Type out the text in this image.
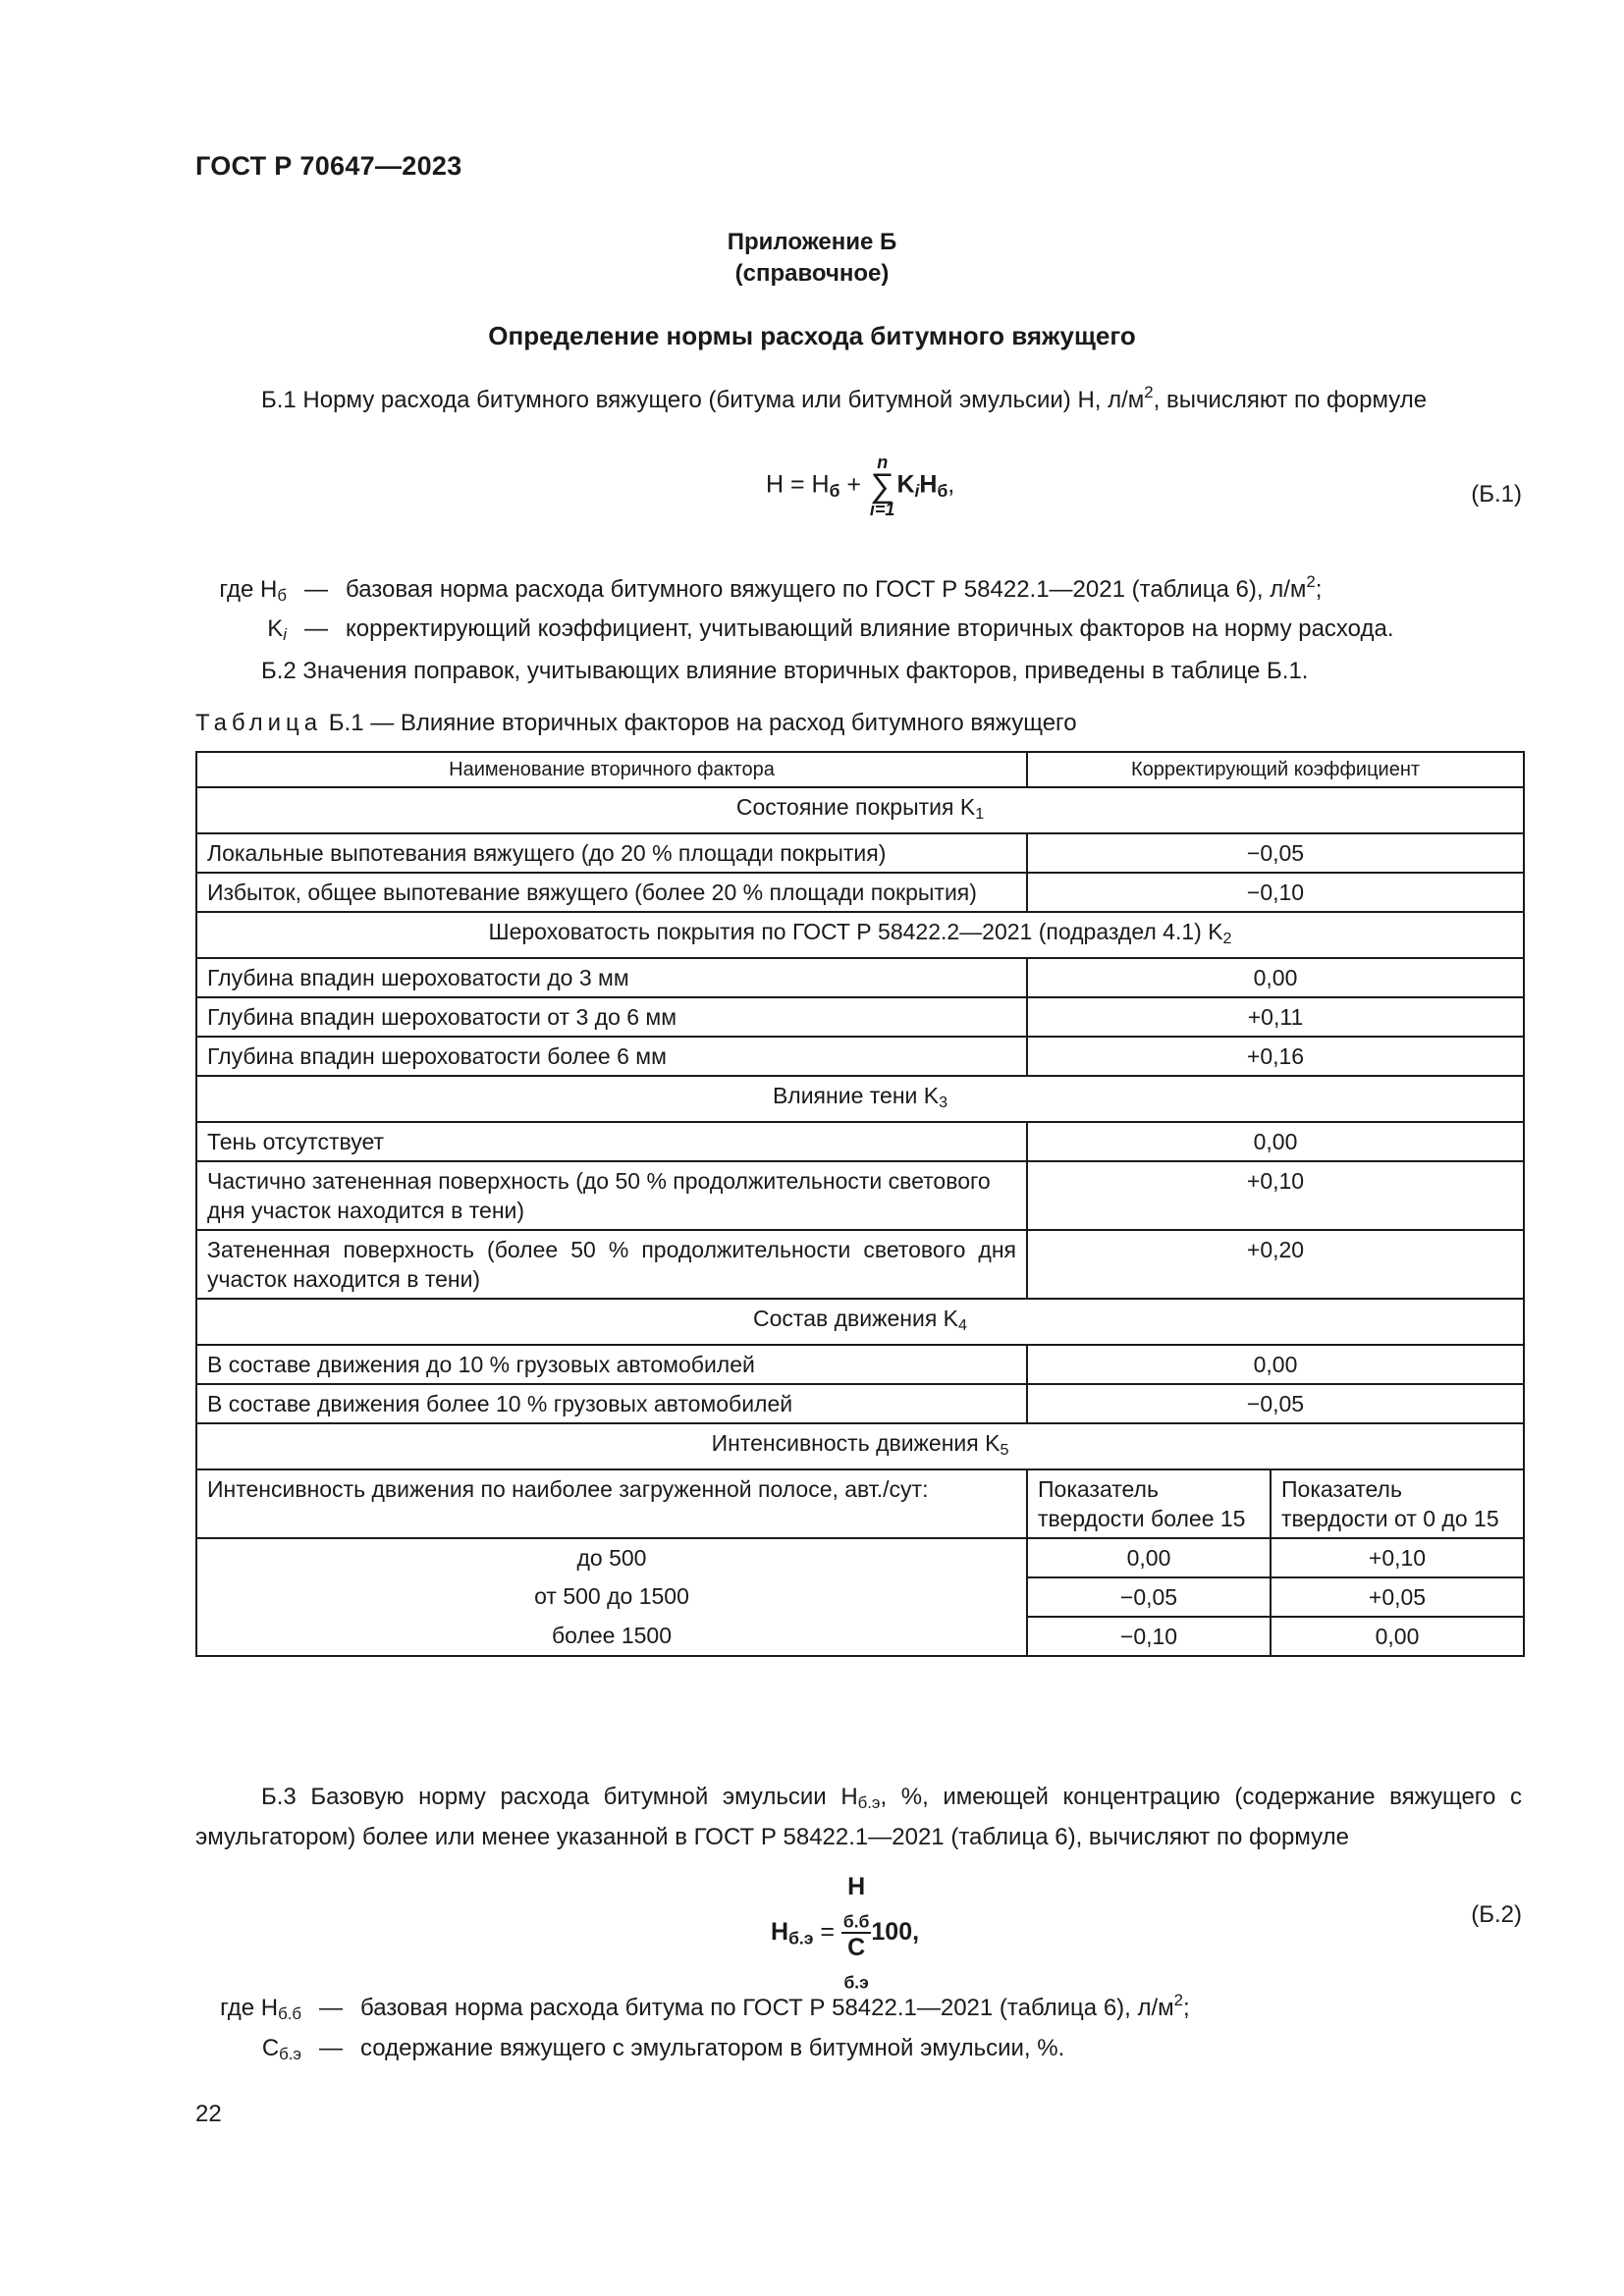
ГОСТ Р 70647—2023
Приложение Б
(справочное)
Определение нормы расхода битумного вяжущего
Б.1 Норму расхода битумного вяжущего (битума или битумной эмульсии) Н, $л/м^2$, вычисляют по формуле
$Н = Н_б$ +
n
∑
i=1
$K_iН_б$,	(Б.1)
где $Н_б$ — базовая норма расхода битумного вяжущего по ГОСТ Р 58422.1—2021 (таблица 6), $л/м^2$;
$K_i$ — корректирующий коэффициент, учитывающий влияние вторичных факторов на норму расхода.
Б.2 Значения поправок, учитывающих влияние вторичных факторов, приведены в таблице Б.1.
Таблица Б.1 — Влияние вторичных факторов на расход битумного вяжущего
Наименование вторичного фактора	Корректирующий коэффициент	
Состояние покрытия $K_1$
Локальные выпотевания вяжущего (до 20 % площади покрытия)	−0,05	
Избыток, общее выпотевание вяжущего (более 20 % площади покрытия)	−0,10	
Шероховатость покрытия по ГОСТ Р 58422.2—2021 (подраздел 4.1) $K_2$
Глубина впадин шероховатости до 3 мм	0,00	
Глубина впадин шероховатости от 3 до 6 мм	+0,11	
Глубина впадин шероховатости более 6 мм	+0,16	
Влияние тени $K_3$
Тень отсутствует	0,00	
Частично затененная поверхность (до 50 % продолжительности светового дня участок находится в тени)	+0,10	
Затененная поверхность (более 50 % продолжительности светового дня участок находится в тени)	+0,20	
Состав движения $K_4$
В составе движения до 10 % грузовых автомобилей	0,00	
В составе движения более 10 % грузовых автомобилей	−0,05	
Интенсивность движения $K_5$
Интенсивность движения по наиболее загруженной полосе, авт./сут:	Показатель твердости более 15	Показатель твердости от 0 до 15
до 500	0,00	+0,10
от 500 до 1500	−0,05	+0,05
более 1500	−0,10	0,00
Б.3 Базовую норму расхода битумной эмульсии $Н_{б.э}$, %, имеющей концентрацию (содержание вяжущего с эмульгатором) более или менее указанной в ГОСТ Р 58422.1—2021 (таблица 6), вычисляют по формуле
$Н_{б.э} = Н$
$_{б.б}$
С
$_{б.э}$ 100,
(Б.2)
где $Н_{б.б}$ — базовая норма расхода битума по ГОСТ Р 58422.1—2021 (таблица 6), $л/м^2$;
$С_{б.э}$ — содержание вяжущего с эмульгатором в битумной эмульсии, %.
22
